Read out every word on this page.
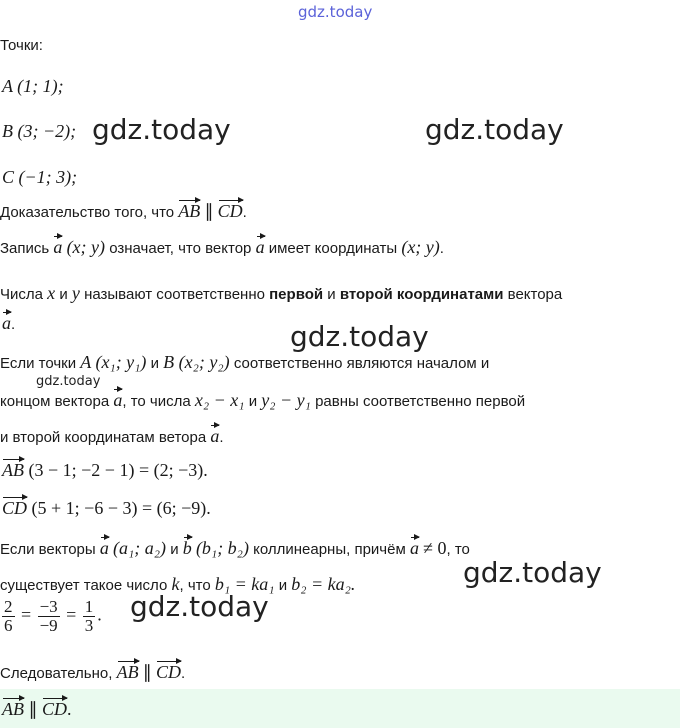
gdz.today
Точки:
A (1; 1);
B (3; −2); gdz.today	gdz.today
C (−1; 3);
Доказательство того, что AB ∥ CD.
Запись a (x; y) означает, что вектор a имеет координаты (x; y).
Числа x и y называют соответственно первой и второй координатами вектора
a.	gdz.today
Если точки A (x₁; y₁) и B (x₂; y₂) соответственно являются началом и
gdz.today
концом вектора a, то числа x₂ − x₁ и y₂ − y₁ равны соответственно первой
и второй координатам ветора a.
AB (3 − 1; −2 − 1) = (2; −3).
CD (5 + 1; −6 − 3) = (6; −9).
Если векторы a (a₁; a₂) и b (b₁; b₂) коллинеарны, причём a ≠ 0, то
существует такое число k, что b₁ = ka₁ и b₂ = ka₂.	gdz.today
$\frac{2}{6} = \frac{-3}{-9} = \frac{1}{3}$ . gdz.today
Следовательно, AB ∥ CD.
AB ∥ CD.
